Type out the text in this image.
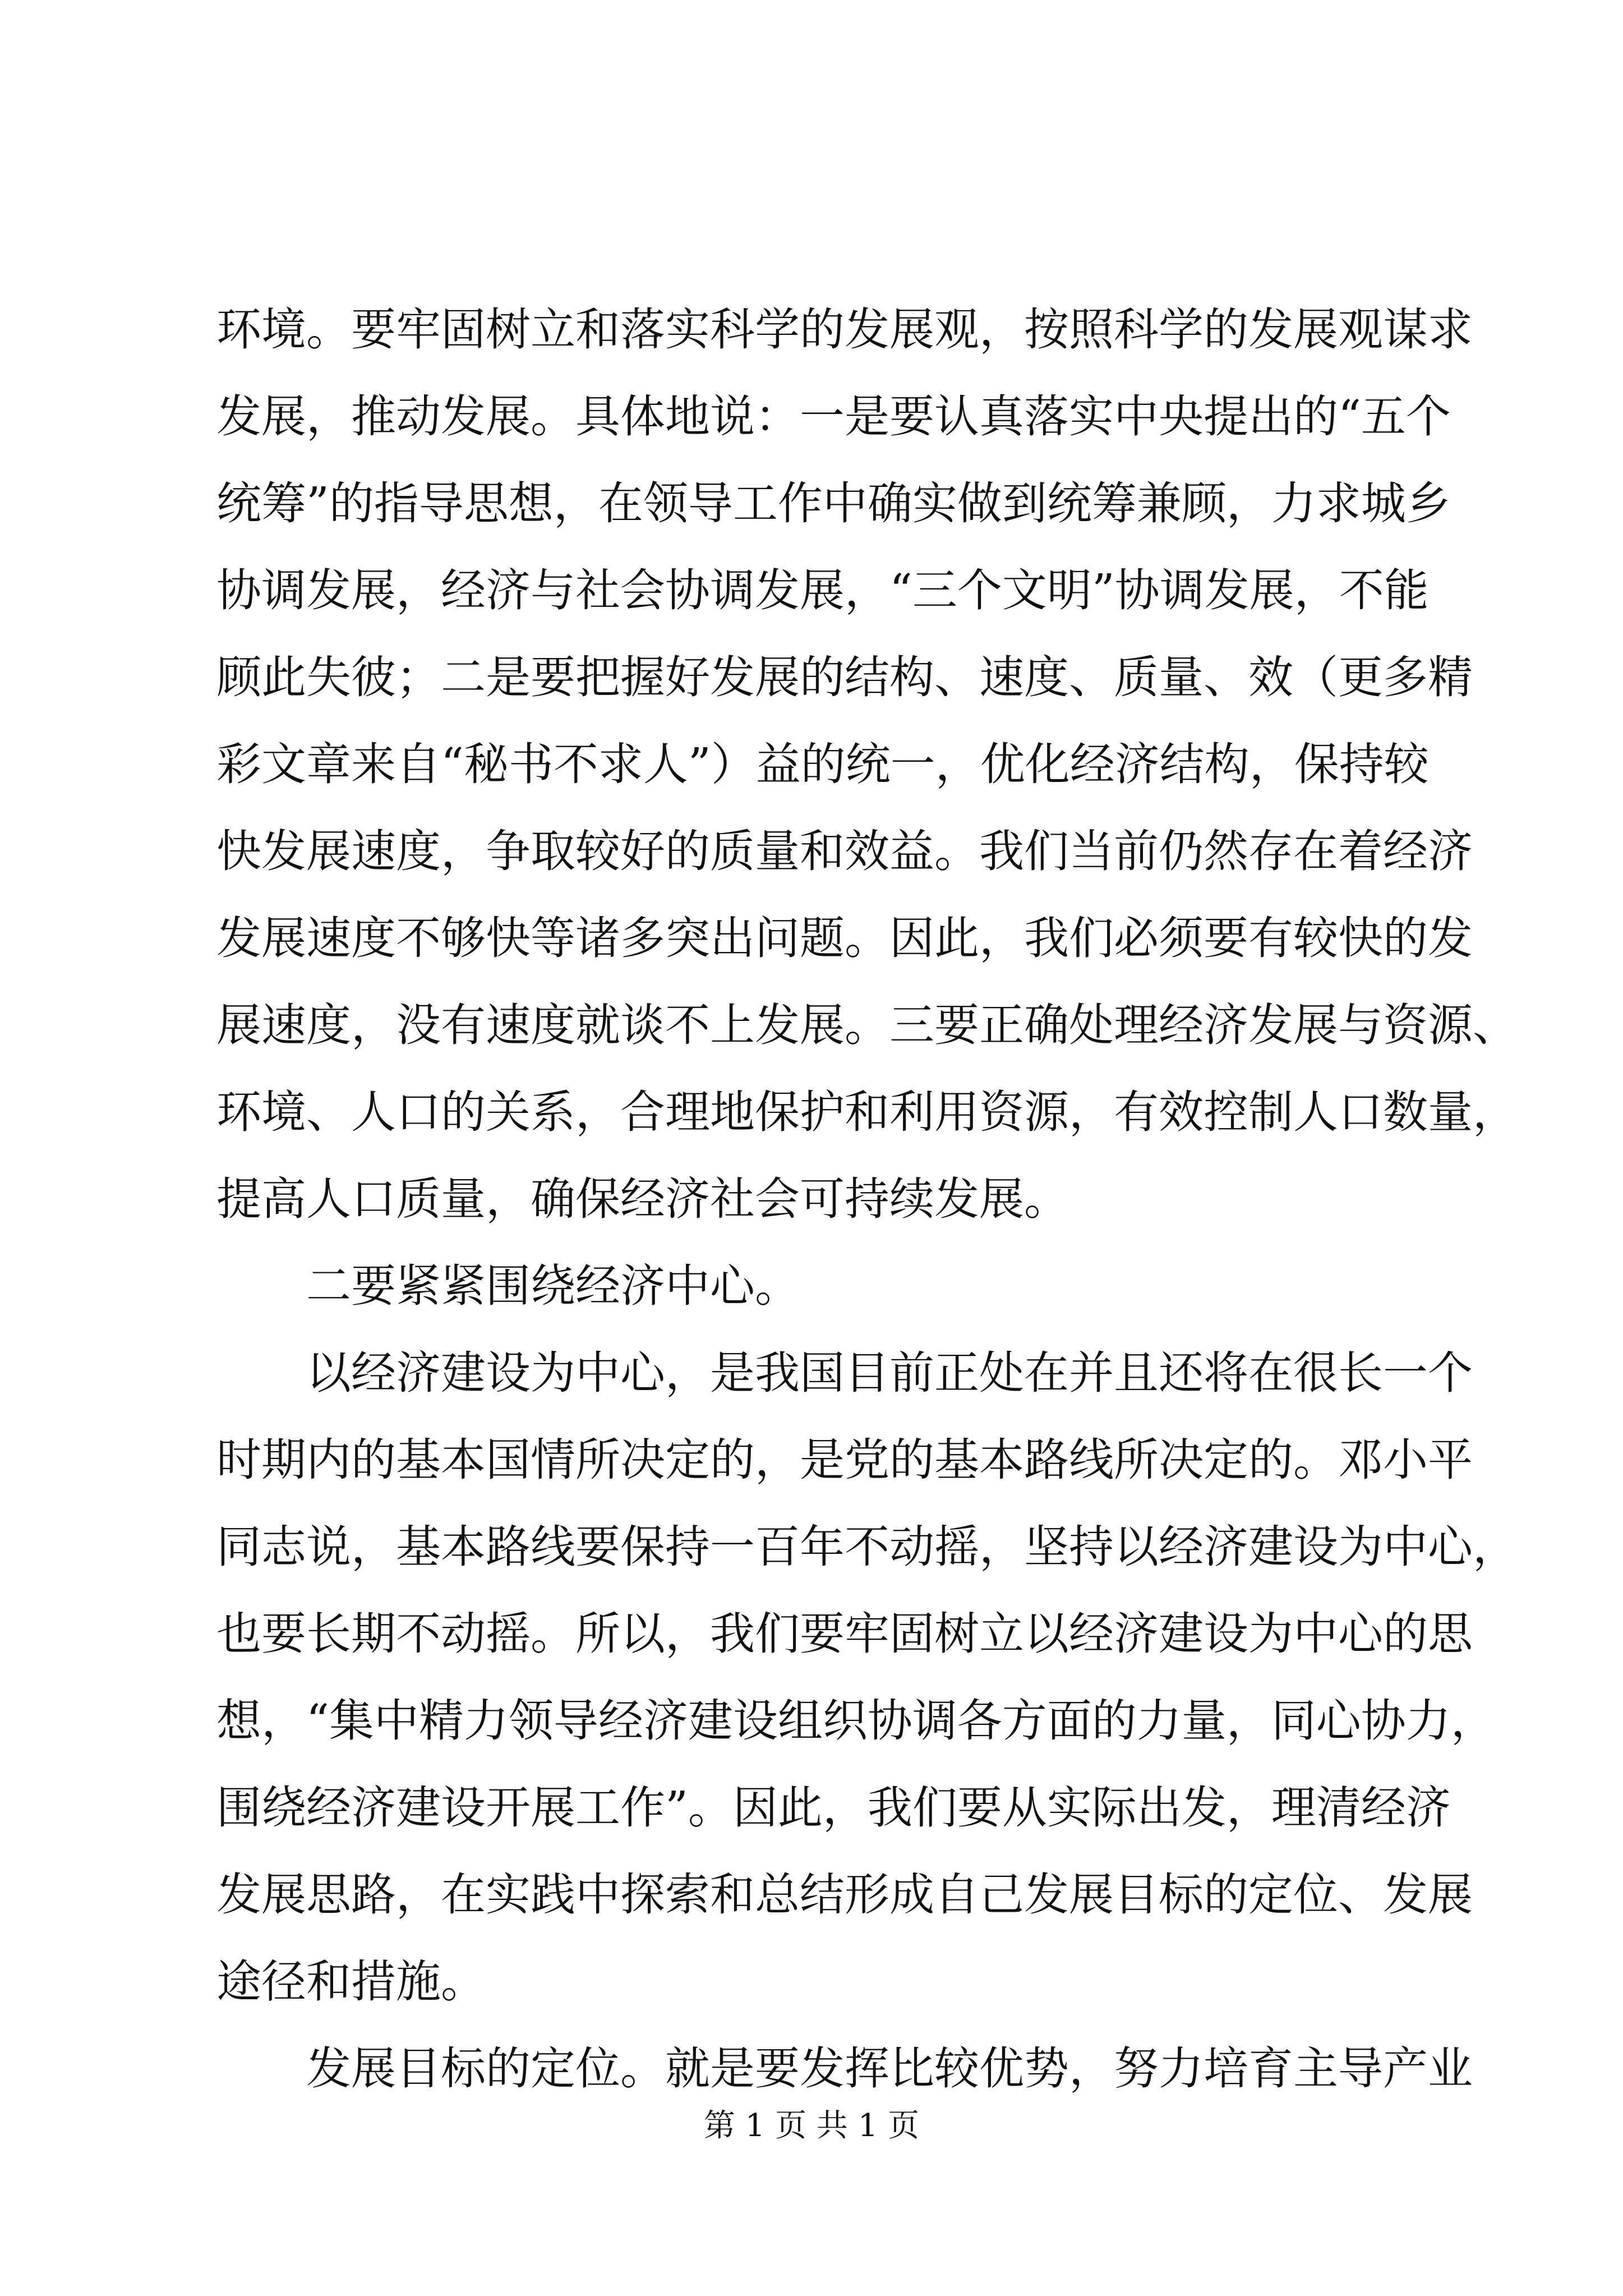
环境。要牢固树立和落实科学的发展观，按照科学的发展观谋求
发展，推动发展。具体地说：一是要认真落实中央提出的“五个
统筹”的指导思想，在领导工作中确实做到统筹兼顾，力求城乡
协调发展，经济与社会协调发展，“三个文明”协调发展，不能
顾此失彼；二是要把握好发展的结构、速度、质量、效（更多精
彩文章来自“秘书不求人”）益的统一，优化经济结构，保持较
快发展速度，争取较好的质量和效益。我们当前仍然存在着经济
发展速度不够快等诸多突出问题。因此，我们必须要有较快的发
展速度，没有速度就谈不上发展。三要正确处理经济发展与资源、
环境、人口的关系，合理地保护和利用资源，有效控制人口数量，
提高人口质量，确保经济社会可持续发展。
二要紧紧围绕经济中心。
以经济建设为中心，是我国目前正处在并且还将在很长一个
时期内的基本国情所决定的，是党的基本路线所决定的。邓小平
同志说，基本路线要保持一百年不动摇，坚持以经济建设为中心，
也要长期不动摇。所以，我们要牢固树立以经济建设为中心的思
想，“集中精力领导经济建设组织协调各方面的力量，同心协力，
围绕经济建设开展工作”。因此，我们要从实际出发，理清经济
发展思路，在实践中探索和总结形成自己发展目标的定位、发展
途径和措施。
发展目标的定位。就是要发挥比较优势，努力培育主导产业
第 1 页 共 1 页
